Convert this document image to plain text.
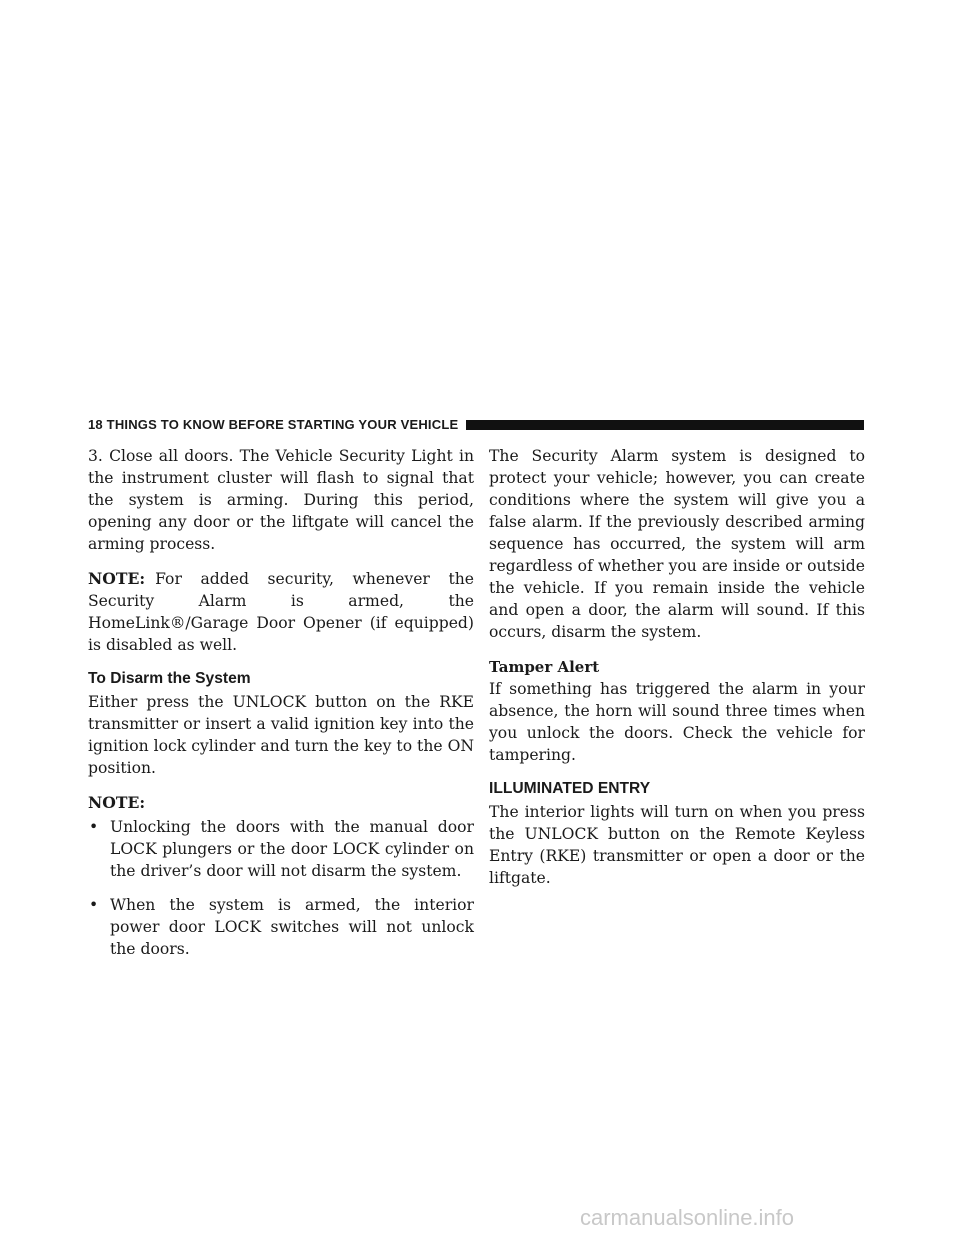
18 THINGS TO KNOW BEFORE STARTING YOUR VEHICLE

3. Close all doors. The Vehicle Security Light in the instrument cluster will flash to signal that the system is arming. During this period, opening any door or the liftgate will cancel the arming process.

NOTE: For added security, whenever the Security Alarm is armed, the HomeLink®/Garage Door Opener (if equipped) is disabled as well.

To Disarm the System

Either press the UNLOCK button on the RKE transmitter or insert a valid ignition key into the ignition lock cylinder and turn the key to the ON position.

NOTE:
• Unlocking the doors with the manual door LOCK plungers or the door LOCK cylinder on the driver’s door will not disarm the system.
• When the system is armed, the interior power door LOCK switches will not unlock the doors.

The Security Alarm system is designed to protect your vehicle; however, you can create conditions where the system will give you a false alarm. If the previously described arming sequence has occurred, the system will arm regardless of whether you are inside or outside the vehicle. If you remain inside the vehicle and open a door, the alarm will sound. If this occurs, disarm the system.

Tamper Alert

If something has triggered the alarm in your absence, the horn will sound three times when you unlock the doors. Check the vehicle for tampering.

ILLUMINATED ENTRY

The interior lights will turn on when you press the UNLOCK button on the Remote Keyless Entry (RKE) transmitter or open a door or the liftgate.

carmanualsonline.info
